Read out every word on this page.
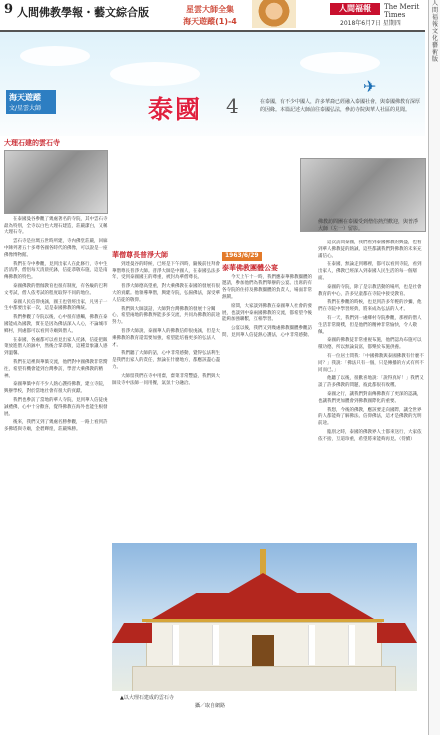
9 人間佛教學報・藝文綜合版	星雲大師全集
海天遊蹤(1)-4
人間福報	The Merit Times
2018年6月7日 星期四
人
間
福
報
文
化
藝
術
版
✈
海天遊蹤
文/星雲大師	泰國 4	在泰國，有不少中國人，許多華裔已經融入泰國社會，與泰國佛教有深厚的因緣。本篇記述大師前往泰國弘法，參訪寺院與華人社區的見聞。
大理石建的雲石寺

在泰國曼谷參觀了幾處著名的寺院，其中雲石寺最為特別，全寺以白色大理石建造，莊嚴潔白，又稱大理石寺。

雲石寺是拉瑪五世時所建，寺內佛堂莊嚴，回廊中陳列著五十多尊各國各時代的佛像，可以說是一座佛像博物館。

我們在寺中參觀，見到出家人在此修行，寺中生活清淨，僧侶每天清晨托鉢，信徒恭敬布施，這是南傳佛教的特色。

泰國佛教的僧伽教育也很有制度，有各級的巴利文考試，僧人依考試的程度取得不同的地位。

泰國人民信仰虔誠，國王也曾經出家，凡男子一生中都要出家一次，這是泰國佛教的傳統。

我們參觀了寺院以後，心中很有感觸，佛教在泰國能成為國教，實在是因為佛法深入人心，不論城市鄉村，到處都可以看到寺廟與僧人。

在泰國，各處都可以看見出家人托鉢，信徒把飯菜放進僧人的鉢中，然後合掌恭敬，這種景象讓人感到溫馨。

我們在這裡與華僑交流，他們對中國佛教非常嚮往，希望有機會能到台灣參訪，學習大乘佛教的精神。

泰國華僑中有不少人熱心護持佛教，建立寺院，興辦學校，對於當地社會有很大的貢獻。

我們也參訪了當地的華人寺院，見到華人信徒虔誠禮佛，心中十分歡喜，覺得佛教在海外也能生根發展。

後來，我們又到了幾處名勝參觀，一路上看到許多佛塔與寺廟，金碧輝煌，莊嚴殊勝。

華僧尊長普淨大師

到達曼谷的時候，已經是下午四時，隨後前往拜會華僧尊長普淨大師。普淨大師是中國人，在泰國弘法多年，受到泰國國王的尊重，被封為華僧尊長。

普淨大師德高望重，對大乘佛教在泰國的發展有很大的貢獻。他領導華僧，興建寺院，弘揚佛法，深受華人信徒的敬仰。

我們與大師談話，大師對台灣佛教的發展十分關心，希望兩地的佛教界能多多交流，共同為佛教的前途努力。

普淨大師說，泰國華人的佛教信仰很虔誠，但是大乘佛教的教育還需要加強，希望能培養更多的弘法人才。

我們聽了大師的話，心中非常感動，覺得弘法利生是我們出家人的責任，無論在什麼地方，都應該盡心盡力。

大師留我們在寺中用齋，齋菜非常豐盛，我們與大師及寺中法師一同用餐，氣氛十分融洽。

1963/6/29
泰華佛教團體公宴

今天上午十一時，我們應泰華佛教團體的邀請，參加他們為我們舉辦的公宴。出席的有各寺院的住持及佛教團體的負責人，場面非常熱鬧。

席間，大家談到佛教在泰國華人社會的發展，也談到中泰兩國佛教的交流，都希望今後能夠加強聯繫，互相學習。

公宴以後，我們又到幾處佛教團體參觀訪問，見到華人信徒熱心護法，心中非常感動。

佛教訪問團在泰國受到僧俗熱烈歡迎，與普淨大師（左一）留影。

這次訪問泰國，我們看到泰國佛教的興盛，也看到華人佛教徒的熱誠，這些都讓我們對佛教的未來充滿信心。

在泰國，無論走到哪裡，都可以看到寺院，看到出家人，佛教已經深入到泰國人民生活的每一個層面。

泰國的寺院，除了是宗教活動的場所，也是社會教育的中心，許多兒童都在寺院中接受教育。

我們在參觀的時候，也見到許多年輕的沙彌，他們在寺院中學習經典，將來成為弘法的人才。

有一天，我們到一處鄉村寺院參觀，那裡的僧人生活非常簡樸，但是他們的精神非常愉快，令人敬佩。

泰國的佛教徒非常重視布施，他們認為布施可以積功德，所以無論貧富，都樂於布施供養。

有一位居士問我：「中國佛教與泰國佛教有什麼不同？」我說：「佛法只有一個，只是傳播的方式有所不同而已。」

他聽了以後，很歡喜地說：「說得真好！」我們又談了許多佛教的問題，彼此都很有收穫。

泰國之行，讓我們對南傳佛教有了更深的認識，也讓我們更加體會到佛教國際化的重要。

我想，今後的佛教，應該要走向國際，讓全世界的人都能夠了解佛法、信仰佛法，這才是佛教的光明前途。

臨別之時，泰國的佛教界人士都來送行，大家依依不捨，互道珍重，希望將來能夠再見。（待續）

▲以大理石建成的雲石寺
攝／取自網路
